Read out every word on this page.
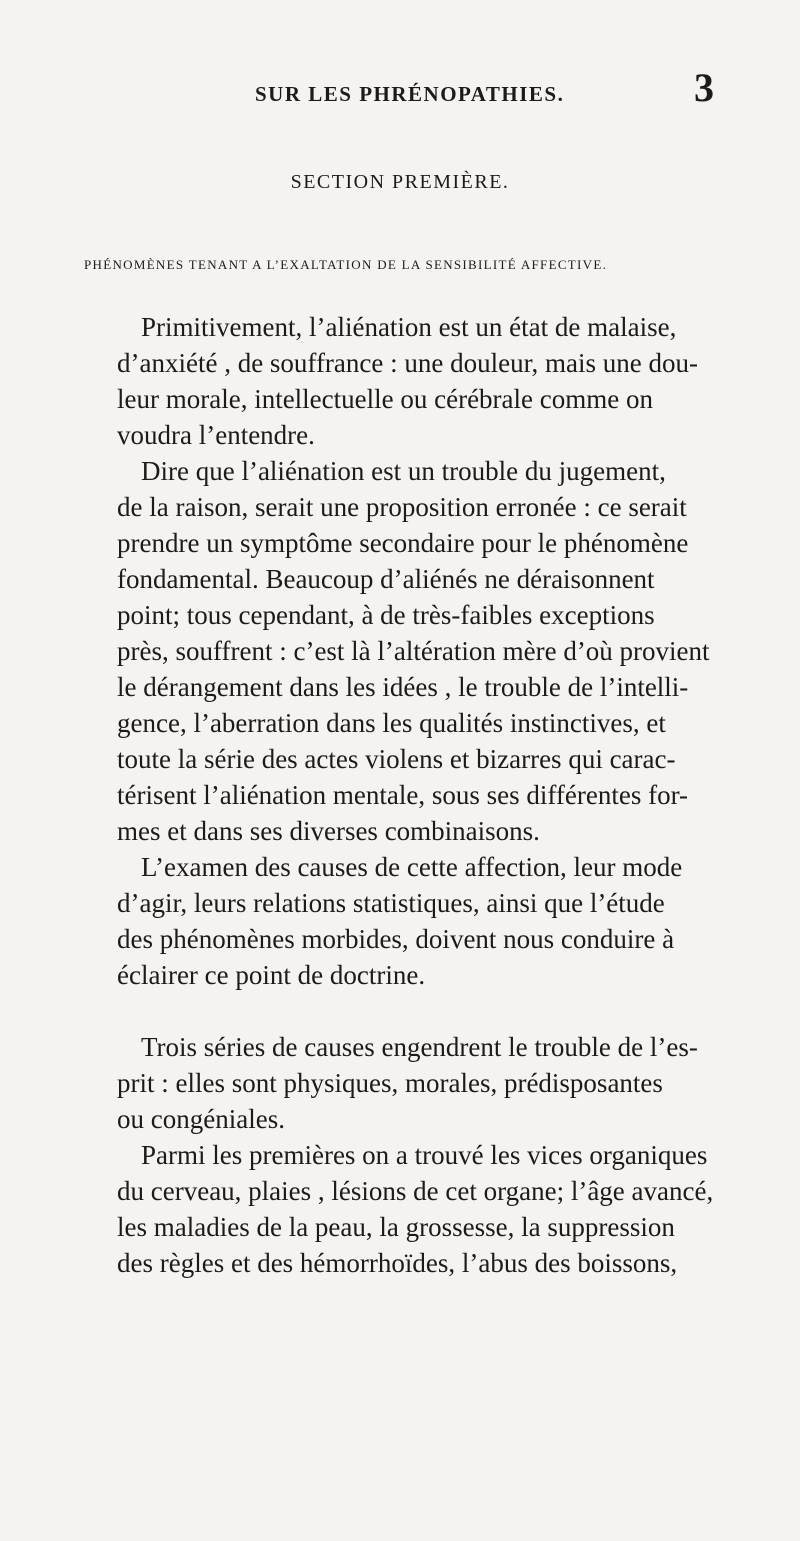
SUR LES PHRÉNOPATHIES.	3
SECTION PREMIÈRE.
PHÉNOMÈNES TENANT A L’EXALTATION DE LA SENSIBILITÉ AFFECTIVE.
Primitivement, l’aliénation est un état de malaise,
d’anxiété , de souffrance : une douleur, mais une dou-
leur morale, intellectuelle ou cérébrale comme on
voudra l’entendre.
Dire que l’aliénation est un trouble du jugement,
de la raison, serait une proposition erronée : ce serait
prendre un symptôme secondaire pour le phénomène
fondamental. Beaucoup d’aliénés ne déraisonnent
point; tous cependant, à de très-faibles exceptions
près, souffrent : c’est là l’altération mère d’où provient
le dérangement dans les idées , le trouble de l’intelli-
gence, l’aberration dans les qualités instinctives, et
toute la série des actes violens et bizarres qui carac-
térisent l’aliénation mentale, sous ses différentes for-
mes et dans ses diverses combinaisons.
L’examen des causes de cette affection, leur mode
d’agir, leurs relations statistiques, ainsi que l’étude
des phénomènes morbides, doivent nous conduire à
éclairer ce point de doctrine.
Trois séries de causes engendrent le trouble de l’es-
prit : elles sont physiques, morales, prédisposantes
ou congéniales.
Parmi les premières on a trouvé les vices organiques
du cerveau, plaies , lésions de cet organe; l’âge avancé,
les maladies de la peau, la grossesse, la suppression
des règles et des hémorrhoïdes, l’abus des boissons,
